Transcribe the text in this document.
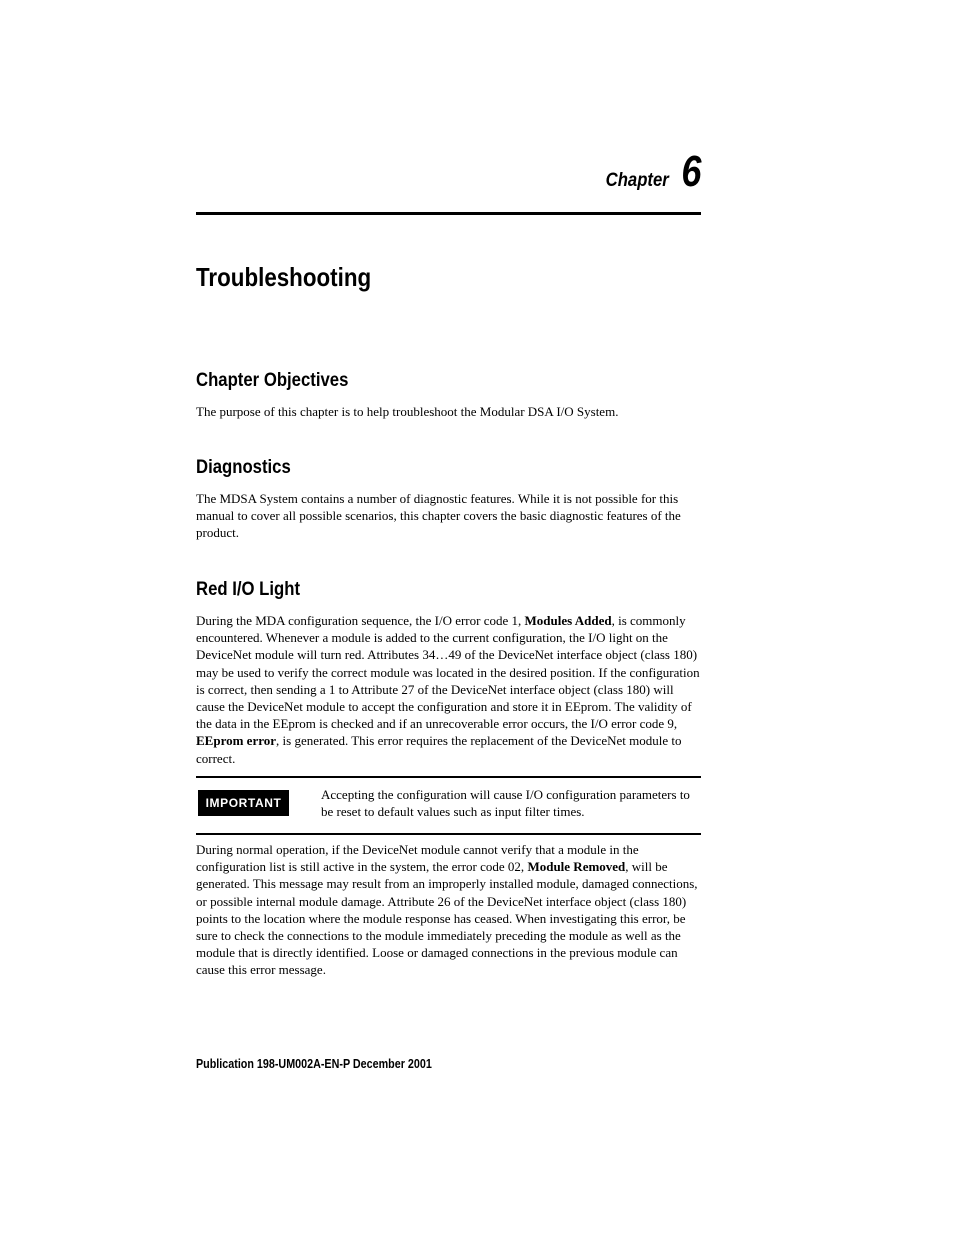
Chapter 6
Troubleshooting
Chapter Objectives

The purpose of this chapter is to help troubleshoot the Modular DSA I/O System.

Diagnostics

The MDSA System contains a number of diagnostic features. While it is not possible for this manual to cover all possible scenarios, this chapter covers the basic diagnostic features of the product.

Red I/O Light

During the MDA configuration sequence, the I/O error code 1, Modules Added, is commonly encountered. Whenever a module is added to the current configuration, the I/O light on the DeviceNet module will turn red. Attributes 34…49 of the DeviceNet interface object (class 180) may be used to verify the correct module was located in the desired position. If the configuration is correct, then sending a 1 to Attribute 27 of the DeviceNet interface object (class 180) will cause the DeviceNet module to accept the configuration and store it in EEprom. The validity of the data in the EEprom is checked and if an unrecoverable error occurs, the I/O error code 9, EEprom error, is generated. This error requires the replacement of the DeviceNet module to correct.

IMPORTANT

Accepting the configuration will cause I/O configuration parameters to be reset to default values such as input filter times.

During normal operation, if the DeviceNet module cannot verify that a module in the configuration list is still active in the system, the error code 02, Module Removed, will be generated. This message may result from an improperly installed module, damaged connections, or possible internal module damage. Attribute 26 of the DeviceNet interface object (class 180) points to the location where the module response has ceased. When investigating this error, be sure to check the connections to the module immediately preceding the module as well as the module that is directly identified. Loose or damaged connections in the previous module can cause this error message.

Publication 198-UM002A-EN-P December 2001
